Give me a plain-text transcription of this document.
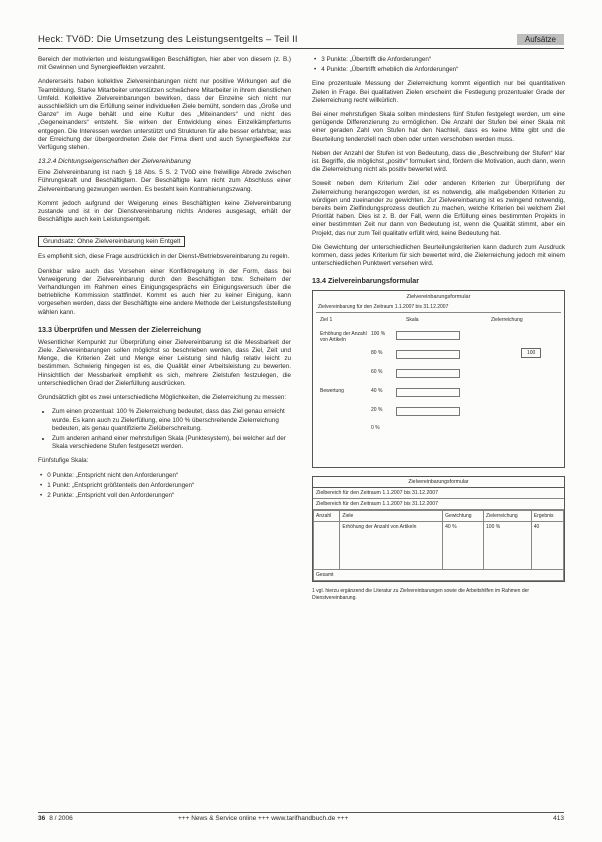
Heck: TVöD: Die Umsetzung des Leistungsentgelts – Teil II	Aufsätze

Bereich der motivierten und leistungswilligen Beschäftigten, hier aber von diesem (z. B.) mit Gewinnen und Synergieeffekten verzahnt.

Andererseits haben kollektive Zielvereinbarungen nicht nur positive Wirkungen auf die Teambildung. Starke Mitarbeiter unterstützen schwächere Mitarbeiter in ihrem dienstlichen Umfeld. Kollektive Zielvereinbarungen bewirken, dass der Einzelne sich nicht nur ausschließlich um die Erfüllung seiner individuellen Ziele bemüht, sondern das „Große und Ganze“ im Auge behält und eine Kultur des „Miteinanders“ und nicht des „Gegeneinanders“ entsteht. Sie wirken der Entwicklung eines Einzelkämpfertums entgegen. Die Interessen werden unterstützt und Strukturen für alle besser erfahrbar, was der Erreichung der übergeordneten Ziele der Firma dient und auch Synergieeffekte zur Verfügung stehen.

13.2.4 Dichtungseigenschaften der Zielvereinbarung

Eine Zielvereinbarung ist nach § 18 Abs. 5 S. 2 TVöD eine freiwillige Abrede zwischen Führungskraft und Beschäftigtem. Der Beschäftigte kann nicht zum Abschluss einer Zielvereinbarung gezwungen werden. Es besteht kein Kontrahierungszwang.

Kommt jedoch aufgrund der Weigerung eines Beschäftigten keine Zielvereinbarung zustande und ist in der Dienstvereinbarung nichts Anderes ausgesagt, erhält der Beschäftigte auch kein Leistungsentgelt.

Grundsatz: Ohne Zielvereinbarung kein Entgelt

Es empfiehlt sich, diese Frage ausdrücklich in der Dienst-/Betriebsvereinbarung zu regeln.

Denkbar wäre auch das Vorsehen einer Konfliktregelung in der Form, dass bei Verweigerung der Zielvereinbarung durch den Beschäftigten bzw. Scheitern der Verhandlungen im Rahmen eines Einigungsgesprächs ein Einigungsversuch über die betriebliche Kommission stattfindet. Kommt es auch hier zu keiner Einigung, kann vorgesehen werden, dass der Beschäftigte eine andere Methode der Leistungsfeststellung wählen kann.

13.3 Überprüfen und Messen der Zielerreichung

Wesentlicher Kernpunkt zur Überprüfung einer Zielvereinbarung ist die Messbarkeit der Ziele. Zielvereinbarungen sollen möglichst so beschrieben werden, dass Ziel, Zeit und Menge, die Kriterien Zeit und Menge einer Leistung sind häufig relativ leicht zu bestimmen. Schwierig hingegen ist es, die Qualität einer Arbeitsleistung zu bewerten. Hinsichtlich der Messbarkeit empfiehlt es sich, mehrere Zielstufen festzulegen, die unterschiedlichen Grad der Zielerfüllung ausdrücken.

Grundsätzlich gibt es zwei unterschiedliche Möglichkeiten, die Zielerreichung zu messen:

• Zum einen prozentual: 100 % Zielerreichung bedeutet, dass das Ziel genau erreicht wurde. Es kann auch zu Zielerfüllung, eine 100 % überschreitende Zielerreichung bedeuten, als genau quantifizierte Zielüberschreitung.
• Zum anderen anhand einer mehrstufigen Skala (Punktesystem), bei welcher auf der Skala verschiedene Stufen festgesetzt werden.

Fünfstufige Skala:

• 0 Punkte: „Entspricht nicht den Anforderungen“
• 1 Punkt: „Entspricht größtenteils den Anforderungen“
• 2 Punkte: „Entspricht voll den Anforderungen“
• 3 Punkte: „Übertrifft die Anforderungen“
• 4 Punkte: „Übertrifft erheblich die Anforderungen“

Eine prozentuale Messung der Zielerreichung kommt eigentlich nur bei quantitativen Zielen in Frage. Bei qualitativen Zielen erscheint die Festlegung prozentualer Grade der Zielerreichung recht willkürlich.

Bei einer mehrstufigen Skala sollten mindestens fünf Stufen festgelegt werden, um eine genügende Differenzierung zu ermöglichen. Die Anzahl der Stufen bei einer Skala mit einer geraden Zahl von Stufen hat den Nachteil, dass es keine Mitte gibt und die Beurteilung tendenziell nach oben oder unten verschoben werden muss.

Neben der Anzahl der Stufen ist von Bedeutung, dass die „Beschreibung der Stufen“ klar ist. Begriffe, die möglichst „positiv“ formuliert sind, fördern die Motivation, auch dann, wenn die Zielerreichung nicht als positiv bewertet wird.

Soweit neben dem Kriterium Ziel oder anderen Kriterien zur Überprüfung der Zielerreichung herangezogen werden, ist es notwendig, alle maßgebenden Kriterien zu würdigen und zueinander zu gewichten. Zur Zielvereinbarung ist es zwingend notwendig, bereits beim Zielfindungsprozess deutlich zu machen, welche Kriterien bei welchem Ziel Priorität haben. Dies ist z. B. der Fall, wenn die Erfüllung eines bestimmten Projekts in einer bestimmten Zeit nur dann von Bedeutung ist, wenn die Qualität stimmt, aber ein Projekt, das nur zum Teil qualitativ erfüllt wird, keine Bedeutung hat.

Die Gewichtung der unterschiedlichen Beurteilungskriterien kann dadurch zum Ausdruck kommen, dass jedes Kriterium für sich bewertet wird, die Zielerreichung jedoch mit einem unterschiedlichen Punktwert versehen wird.

13.4 Zielvereinbarungsformular
Zielvereinbarungsformular
Zielvereinbarung für den Zeitraum 1.1.2007 bis 31.12.2007
Ziel 1	Skala	Zielerreichung
Erhöhung der Anzahl von Artikeln
100 %
80 %
60 %
40 %
20 %
0 %
Bewertung
100
Zielvereinbarungsformular
Zielbereich für den Zeitraum 1.1.2007 bis 31.12.2007
Zielbereich für den Zeitraum 1.1.2007 bis 31.12.2007
Anzahl	Ziele	Gewichtung	Zielerreichung	Ergebnis
	Erhöhung der Anzahl von Artikeln	40 %	100 %	40
Gesamt				
1 vgl. hierzu ergänzend die Literatur zu Zielvereinbarungen sowie die Arbeitshilfen im Rahmen der Dienstvereinbarung.
36 8 / 2006	+++ News & Service online +++ www.tarifhandbuch.de +++	413
